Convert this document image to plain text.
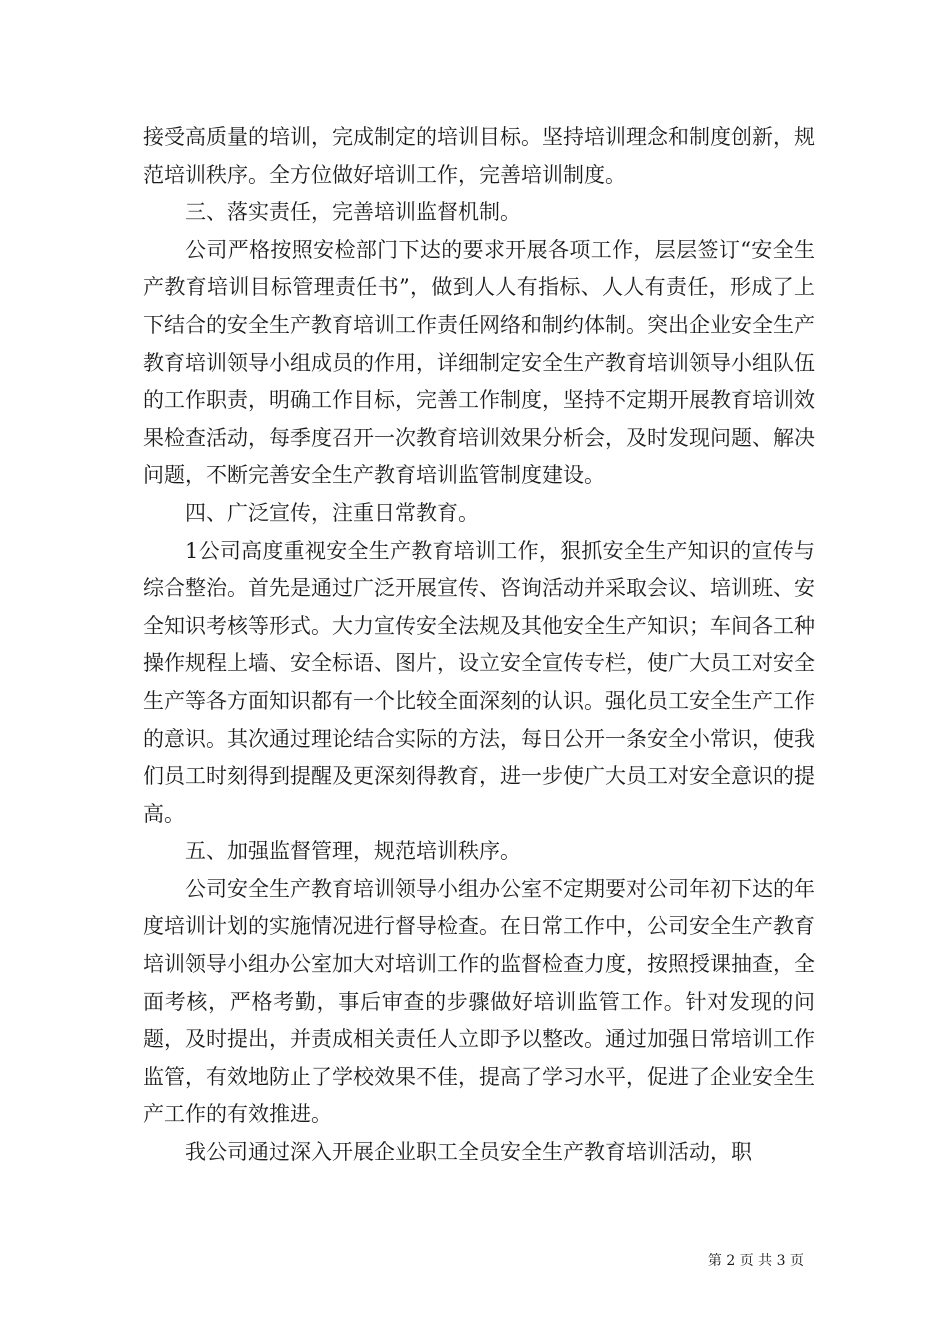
接受高质量的培训，完成制定的培训目标。坚持培训理念和制度创新，规范培训秩序。全方位做好培训工作，完善培训制度。

三、落实责任，完善培训监督机制。

公司严格按照安检部门下达的要求开展各项工作，层层签订“安全生产教育培训目标管理责任书”，做到人人有指标、人人有责任，形成了上下结合的安全生产教育培训工作责任网络和制约体制。突出企业安全生产教育培训领导小组成员的作用，详细制定安全生产教育培训领导小组队伍的工作职责，明确工作目标，完善工作制度，坚持不定期开展教育培训效果检查活动，每季度召开一次教育培训效果分析会，及时发现问题、解决问题，不断完善安全生产教育培训监管制度建设。

四、广泛宣传，注重日常教育。

1公司高度重视安全生产教育培训工作，狠抓安全生产知识的宣传与综合整治。首先是通过广泛开展宣传、咨询活动并采取会议、培训班、安全知识考核等形式。大力宣传安全法规及其他安全生产知识；车间各工种操作规程上墙、安全标语、图片，设立安全宣传专栏，使广大员工对安全生产等各方面知识都有一个比较全面深刻的认识。强化员工安全生产工作的意识。其次通过理论结合实际的方法，每日公开一条安全小常识，使我们员工时刻得到提醒及更深刻得教育，进一步使广大员工对安全意识的提高。

五、加强监督管理，规范培训秩序。

公司安全生产教育培训领导小组办公室不定期要对公司年初下达的年度培训计划的实施情况进行督导检查。在日常工作中，公司安全生产教育培训领导小组办公室加大对培训工作的监督检查力度，按照授课抽查，全面考核，严格考勤，事后审查的步骤做好培训监管工作。针对发现的问题，及时提出，并责成相关责任人立即予以整改。通过加强日常培训工作监管，有效地防止了学校效果不佳，提高了学习水平，促进了企业安全生产工作的有效推进。

我公司通过深入开展企业职工全员安全生产教育培训活动，职

第 2 页 共 3 页
